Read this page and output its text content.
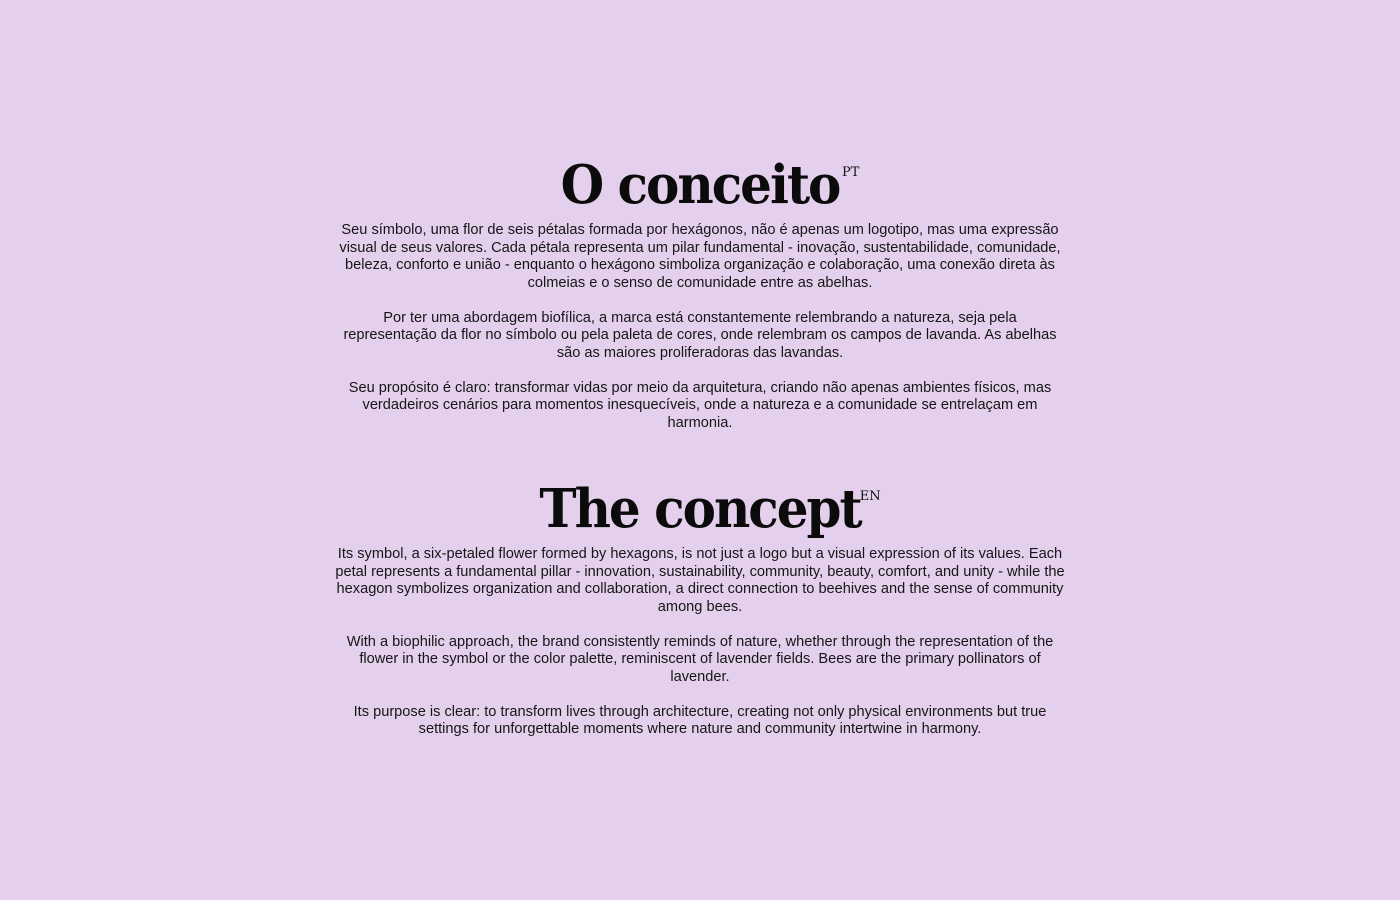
O conceito PT

Seu símbolo, uma flor de seis pétalas formada por hexágonos, não é apenas um logotipo, mas uma expressão visual de seus valores. Cada pétala representa um pilar fundamental - inovação, sustentabilidade, comunidade, beleza, conforto e união - enquanto o hexágono simboliza organização e colaboração, uma conexão direta às colmeias e o senso de comunidade entre as abelhas.

Por ter uma abordagem biofílica, a marca está constantemente relembrando a natureza, seja pela representação da flor no símbolo ou pela paleta de cores, onde relembram os campos de lavanda. As abelhas são as maiores proliferadoras das lavandas.

Seu propósito é claro: transformar vidas por meio da arquitetura, criando não apenas ambientes físicos, mas verdadeiros cenários para momentos inesquecíveis, onde a natureza e a comunidade se entrelaçam em harmonia.

The concept EN

Its symbol, a six-petaled flower formed by hexagons, is not just a logo but a visual expression of its values. Each petal represents a fundamental pillar - innovation, sustainability, community, beauty, comfort, and unity - while the hexagon symbolizes organization and collaboration, a direct connection to beehives and the sense of community among bees.

With a biophilic approach, the brand consistently reminds of nature, whether through the representation of the flower in the symbol or the color palette, reminiscent of lavender fields. Bees are the primary pollinators of lavender.

Its purpose is clear: to transform lives through architecture, creating not only physical environments but true settings for unforgettable moments where nature and community intertwine in harmony.
